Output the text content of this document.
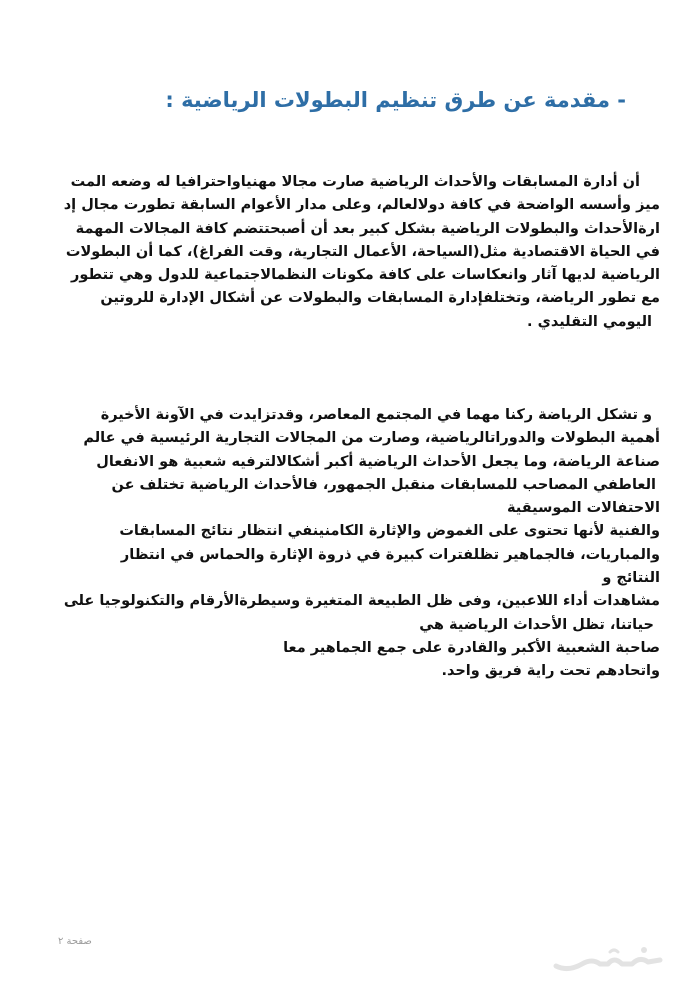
- مقدمة عن طرق تنظيم البطولات الرياضية :
أن أدارة المسابقات والأحداث الرياضية صارت مجالا مهنياواحترافيا له وضعه المت
ميز وأسسه الواضحة في كافة دولالعالم، وعلى مدار الأعوام السابقة تطورت مجال إد
ارةالأحداث والبطولات الرياضية بشكل كبير بعد أن أصبحتتضم كافة المجالات المهمة
في الحياة الاقتصادية مثل(السياحة، الأعمال التجارية، وقت الفراغ)، كما أن البطولات
الرياضية لديها آثار وانعكاسات على كافة مكونات النظمالاجتماعية للدول وهي تتطور
مع تطور الرياضة، وتختلفإدارة المسابقات والبطولات عن أشكال الإدارة للروتين
اليومي التقليدي .
و تشكل الرياضة ركنا مهما في المجتمع المعاصر، وقدتزايدت في الآونة الأخيرة
أهمية البطولات والدوراتالرياضية، وصارت من المجالات التجارية الرئيسية في عالم
صناعة الرياضة، وما يجعل الأحداث الرياضية أكبر أشكالالترفيه شعبية هو الانفعال
العاطفي المصاحب للمسابقات منقبل الجمهور، فالأحداث الرياضية تختلف عن
الاحتفالات الموسيقية
والفنية لأنها تحتوى على الغموض والإثارة الكامنينفي انتظار نتائج المسابقات
والمباريات، فالجماهير تظلفترات كبيرة في ذروة الإثارة والحماس في انتظار
النتائج و
مشاهدات أداء اللاعبين، وفى ظل الطبيعة المتغيرة وسيطرةالأرقام والتكنولوجيا على
حياتنا، تظل الأحداث الرياضية هي
صاحبة الشعبية الأكبر والقادرة على جمع الجماهير معا
واتحادهم تحت راية فريق واحد.
صفحة ٢
